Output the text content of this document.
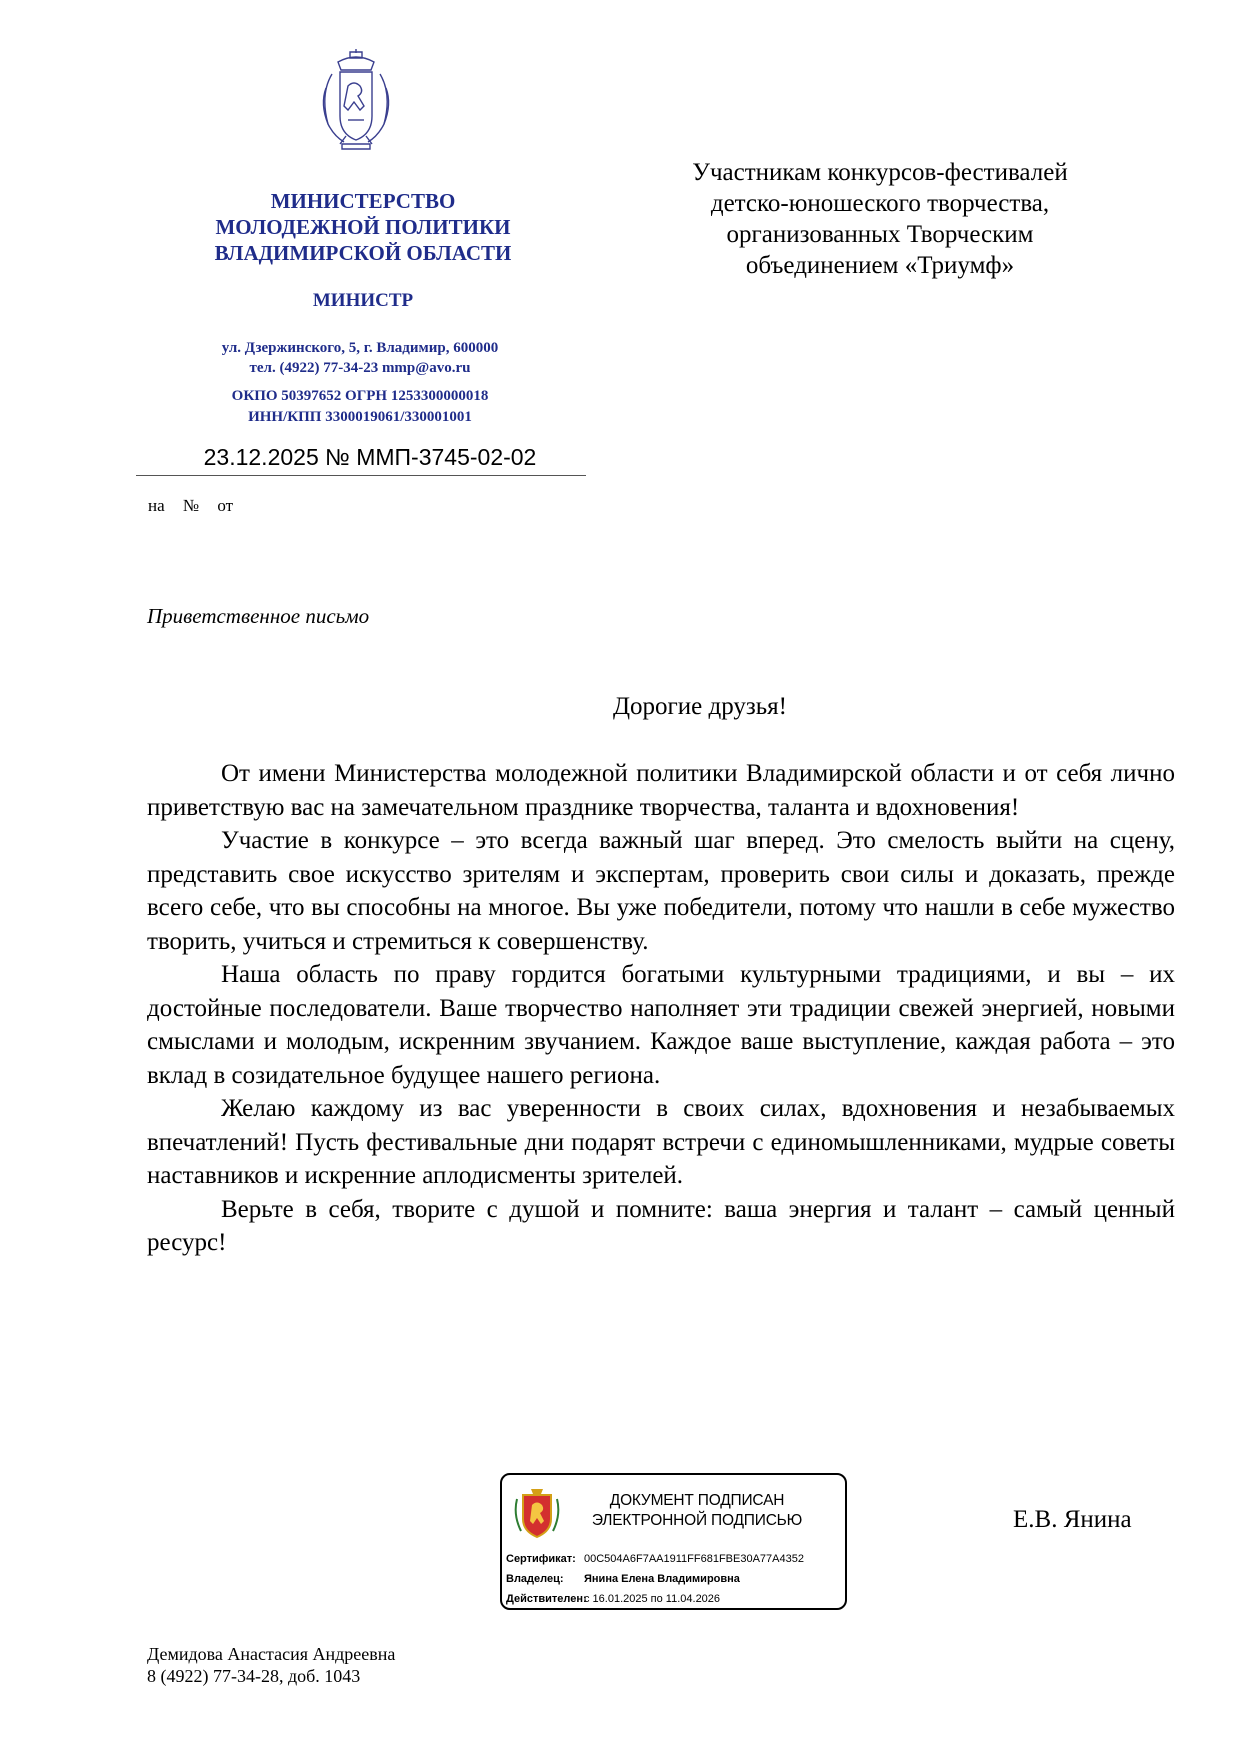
МИНИСТЕРСТВО
МОЛОДЕЖНОЙ ПОЛИТИКИ
ВЛАДИМИРСКОЙ ОБЛАСТИ
МИНИСТР
ул. Дзержинского, 5, г. Владимир, 600000
тел. (4922) 77-34-23 mmp@avo.ru
ОКПО 50397652 ОГРН 1253300000018
ИНН/КПП 3300019061/330001001
23.12.2025 № ММП-3745-02-02
на № от
Участникам конкурсов-фестивалей
детско-юношеского творчества,
организованных Творческим
объединением «Триумф»
Приветственное письмо
Дорогие друзья!

От имени Министерства молодежной политики Владимирской области и от себя лично приветствую вас на замечательном празднике творчества, таланта и вдохновения!

Участие в конкурсе – это всегда важный шаг вперед. Это смелость выйти на сцену, представить свое искусство зрителям и экспертам, проверить свои силы и доказать, прежде всего себе, что вы способны на многое. Вы уже победители, потому что нашли в себе мужество творить, учиться и стремиться к совершенству.

Наша область по праву гордится богатыми культурными традициями, и вы – их достойные последователи. Ваше творчество наполняет эти традиции свежей энергией, новыми смыслами и молодым, искренним звучанием. Каждое ваше выступление, каждая работа – это вклад в созидательное будущее нашего региона.

Желаю каждому из вас уверенности в своих силах, вдохновения и незабываемых впечатлений! Пусть фестивальные дни подарят встречи с единомышленниками, мудрые советы наставников и искренние аплодисменты зрителей.

Верьте в себя, творите с душой и помните: ваша энергия и талант – самый ценный ресурс!

ДОКУМЕНТ ПОДПИСАН
ЭЛЕКТРОННОЙ ПОДПИСЬЮ
Сертификат: 00C504A6F7AA1911FF681FBE30A77A4352
Владелец: Янина Елена Владимировна
Действителен:с 16.01.2025 по 11.04.2026
Е.В. Янина
Демидова Анастасия Андреевна
8 (4922) 77-34-28, доб. 1043
